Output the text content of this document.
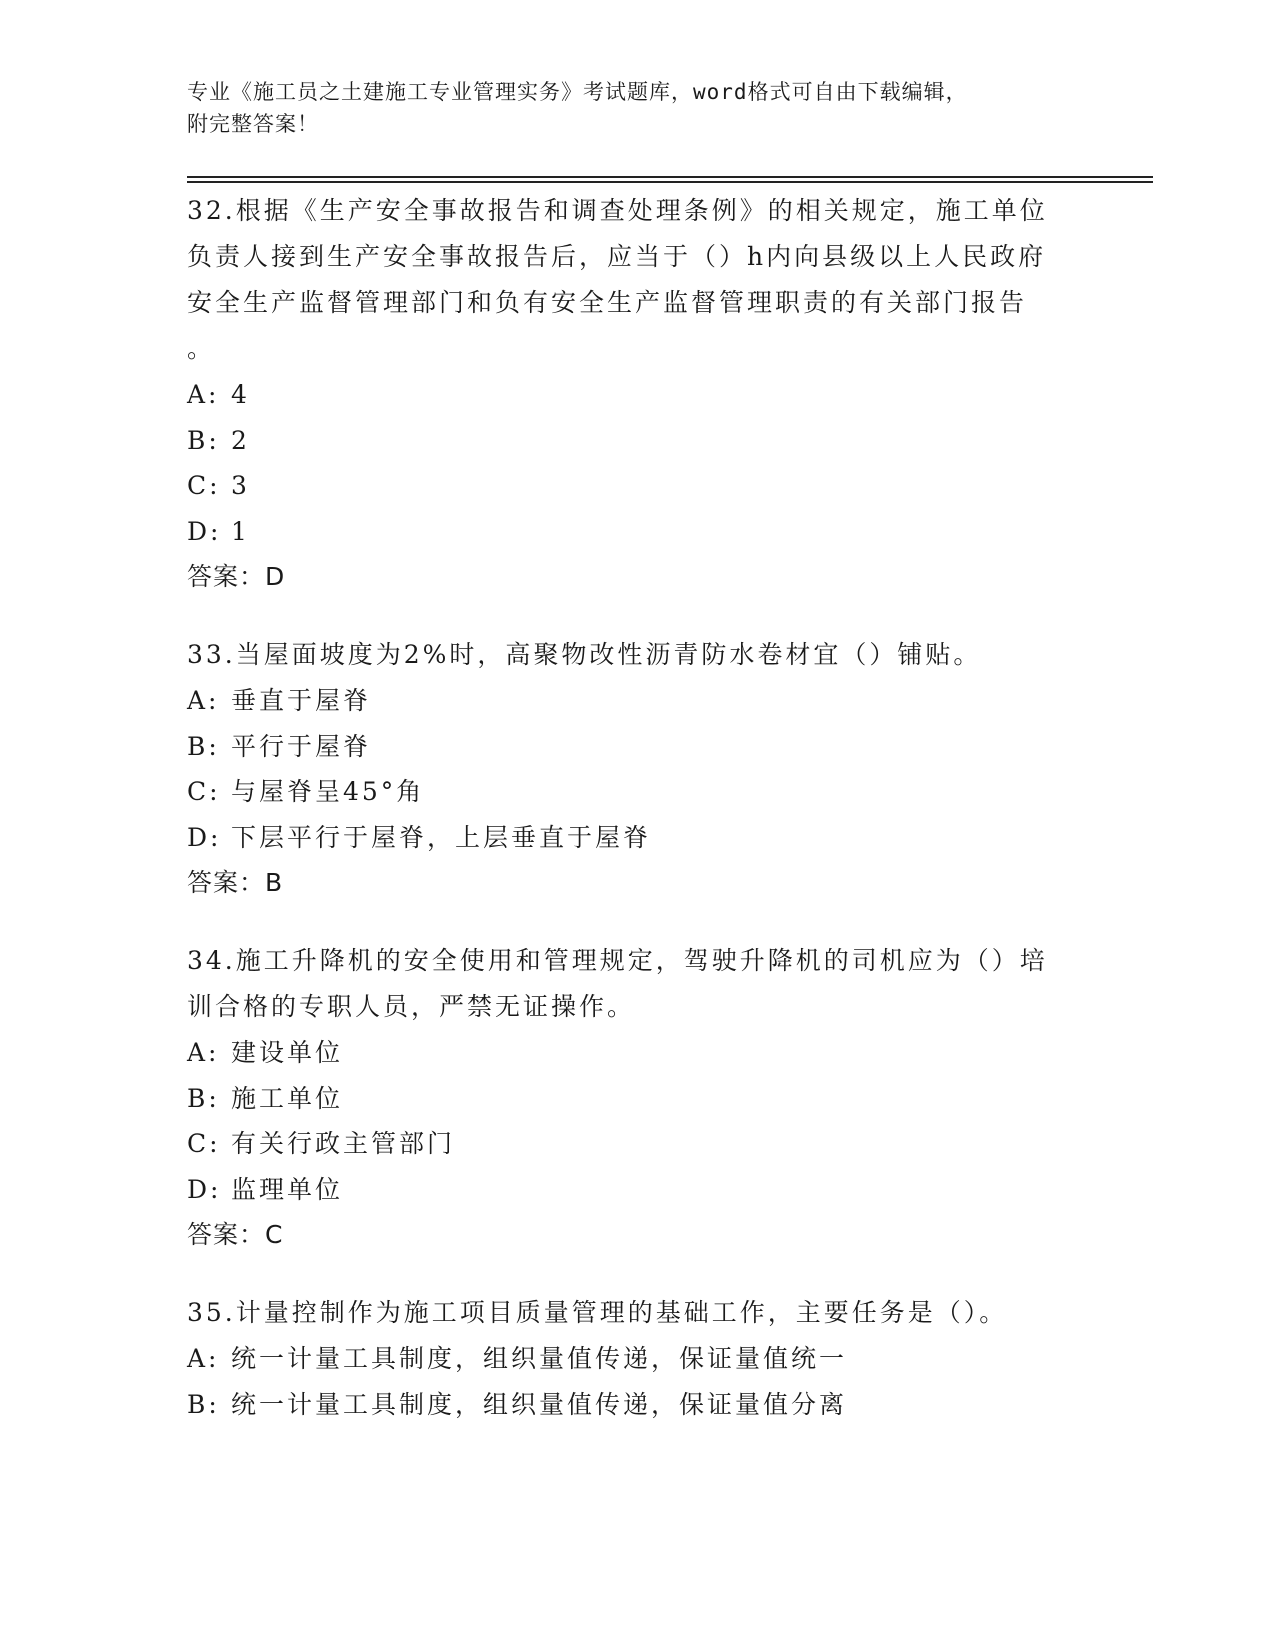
专业《施工员之土建施工专业管理实务》考试题库，word格式可自由下载编辑，
附完整答案！
32.根据《生产安全事故报告和调查处理条例》的相关规定，施工单位
负责人接到生产安全事故报告后，应当于（）h内向县级以上人民政府
安全生产监督管理部门和负有安全生产监督管理职责的有关部门报告
。
A: 4
B: 2
C: 3
D: 1
答案：D
33.当屋面坡度为2%时，高聚物改性沥青防水卷材宜（）铺贴。
A: 垂直于屋脊
B: 平行于屋脊
C: 与屋脊呈45°角
D: 下层平行于屋脊，上层垂直于屋脊
答案：B
34.施工升降机的安全使用和管理规定，驾驶升降机的司机应为（）培
训合格的专职人员，严禁无证操作。
A: 建设单位
B: 施工单位
C: 有关行政主管部门
D: 监理单位
答案：C
35.计量控制作为施工项目质量管理的基础工作，主要任务是（）。
A: 统一计量工具制度，组织量值传递，保证量值统一
B: 统一计量工具制度，组织量值传递，保证量值分离
